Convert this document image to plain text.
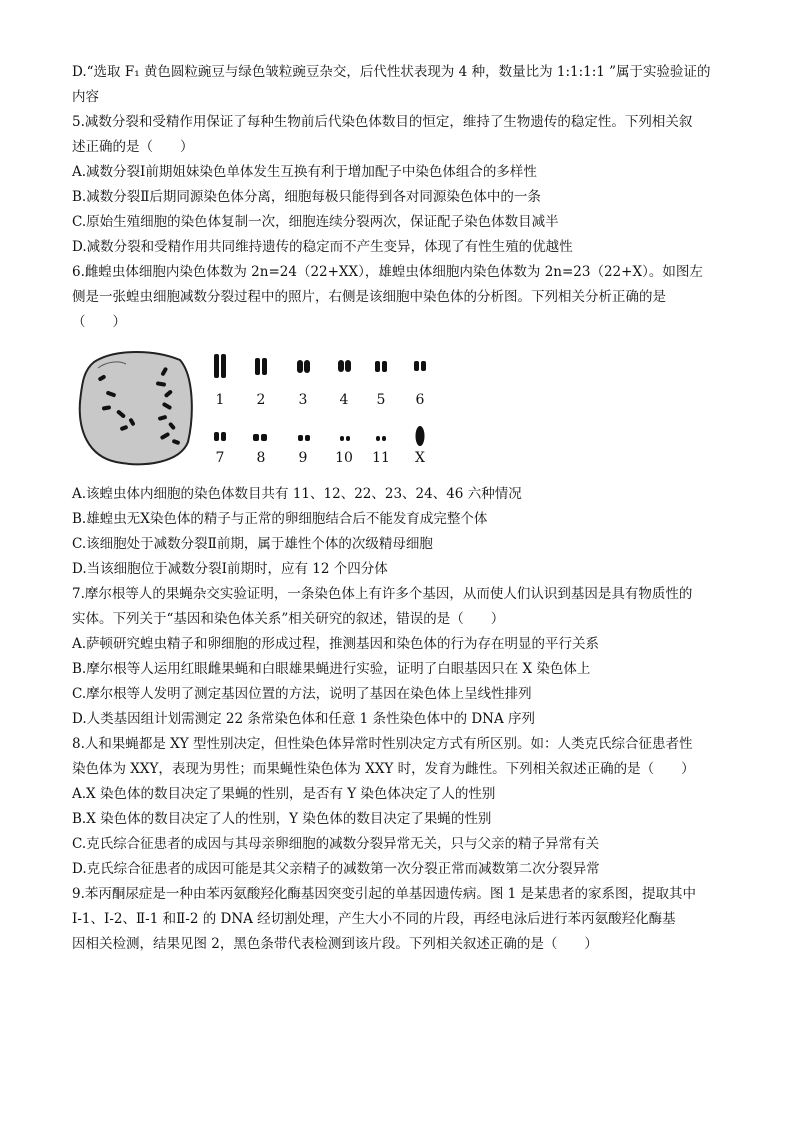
D.“选取 F₁ 黄色圆粒豌豆与绿色皱粒豌豆杂交，后代性状表现为 4 种，数量比为 1:1:1:1 ”属于实验验证的
内容
5.减数分裂和受精作用保证了每种生物前后代染色体数目的恒定，维持了生物遗传的稳定性。下列相关叙
述正确的是（　　）
A.减数分裂Ⅰ前期姐妹染色单体发生互换有利于增加配子中染色体组合的多样性
B.减数分裂Ⅱ后期同源染色体分离，细胞每极只能得到各对同源染色体中的一条
C.原始生殖细胞的染色体复制一次，细胞连续分裂两次，保证配子染色体数目减半
D.减数分裂和受精作用共同维持遗传的稳定而不产生变异，体现了有性生殖的优越性
6.雌蝗虫体细胞内染色体数为 2n=24（22+XX），雄蝗虫体细胞内染色体数为 2n=23（22+X）。如图左
侧是一张蝗虫细胞减数分裂过程中的照片，右侧是该细胞中染色体的分析图。下列相关分析正确的是
（　　）
1 2 3 4 5 6
7 8 9 10 11 X
A.该蝗虫体内细胞的染色体数目共有 11、12、22、23、24、46 六种情况
B.雄蝗虫无X染色体的精子与正常的卵细胞结合后不能发育成完整个体
C.该细胞处于减数分裂Ⅱ前期，属于雄性个体的次级精母细胞
D.当该细胞位于减数分裂Ⅰ前期时，应有 12 个四分体
7.摩尔根等人的果蝇杂交实验证明，一条染色体上有许多个基因，从而使人们认识到基因是具有物质性的
实体。下列关于“基因和染色体关系”相关研究的叙述，错误的是（　　）
A.萨顿研究蝗虫精子和卵细胞的形成过程，推测基因和染色体的行为存在明显的平行关系
B.摩尔根等人运用红眼雌果蝇和白眼雄果蝇进行实验，证明了白眼基因只在 X 染色体上
C.摩尔根等人发明了测定基因位置的方法，说明了基因在染色体上呈线性排列
D.人类基因组计划需测定 22 条常染色体和任意 1 条性染色体中的 DNA 序列
8.人和果蝇都是 XY 型性别决定，但性染色体异常时性别决定方式有所区别。如：人类克氏综合征患者性
染色体为 XXY，表现为男性；而果蝇性染色体为 XXY 时，发育为雌性。下列相关叙述正确的是（　　）
A.X 染色体的数目决定了果蝇的性别，是否有 Y 染色体决定了人的性别
B.X 染色体的数目决定了人的性别，Y 染色体的数目决定了果蝇的性别
C.克氏综合征患者的成因与其母亲卵细胞的减数分裂异常无关，只与父亲的精子异常有关
D.克氏综合征患者的成因可能是其父亲精子的减数第一次分裂正常而减数第二次分裂异常
9.苯丙酮尿症是一种由苯丙氨酸羟化酶基因突变引起的单基因遗传病。图 1 是某患者的家系图，提取其中
Ⅰ-1、Ⅰ-2、Ⅱ-1 和Ⅱ-2 的 DNA 经切割处理，产生大小不同的片段，再经电泳后进行苯丙氨酸羟化酶基
因相关检测，结果见图 2，黑色条带代表检测到该片段。下列相关叙述正确的是（　　）
